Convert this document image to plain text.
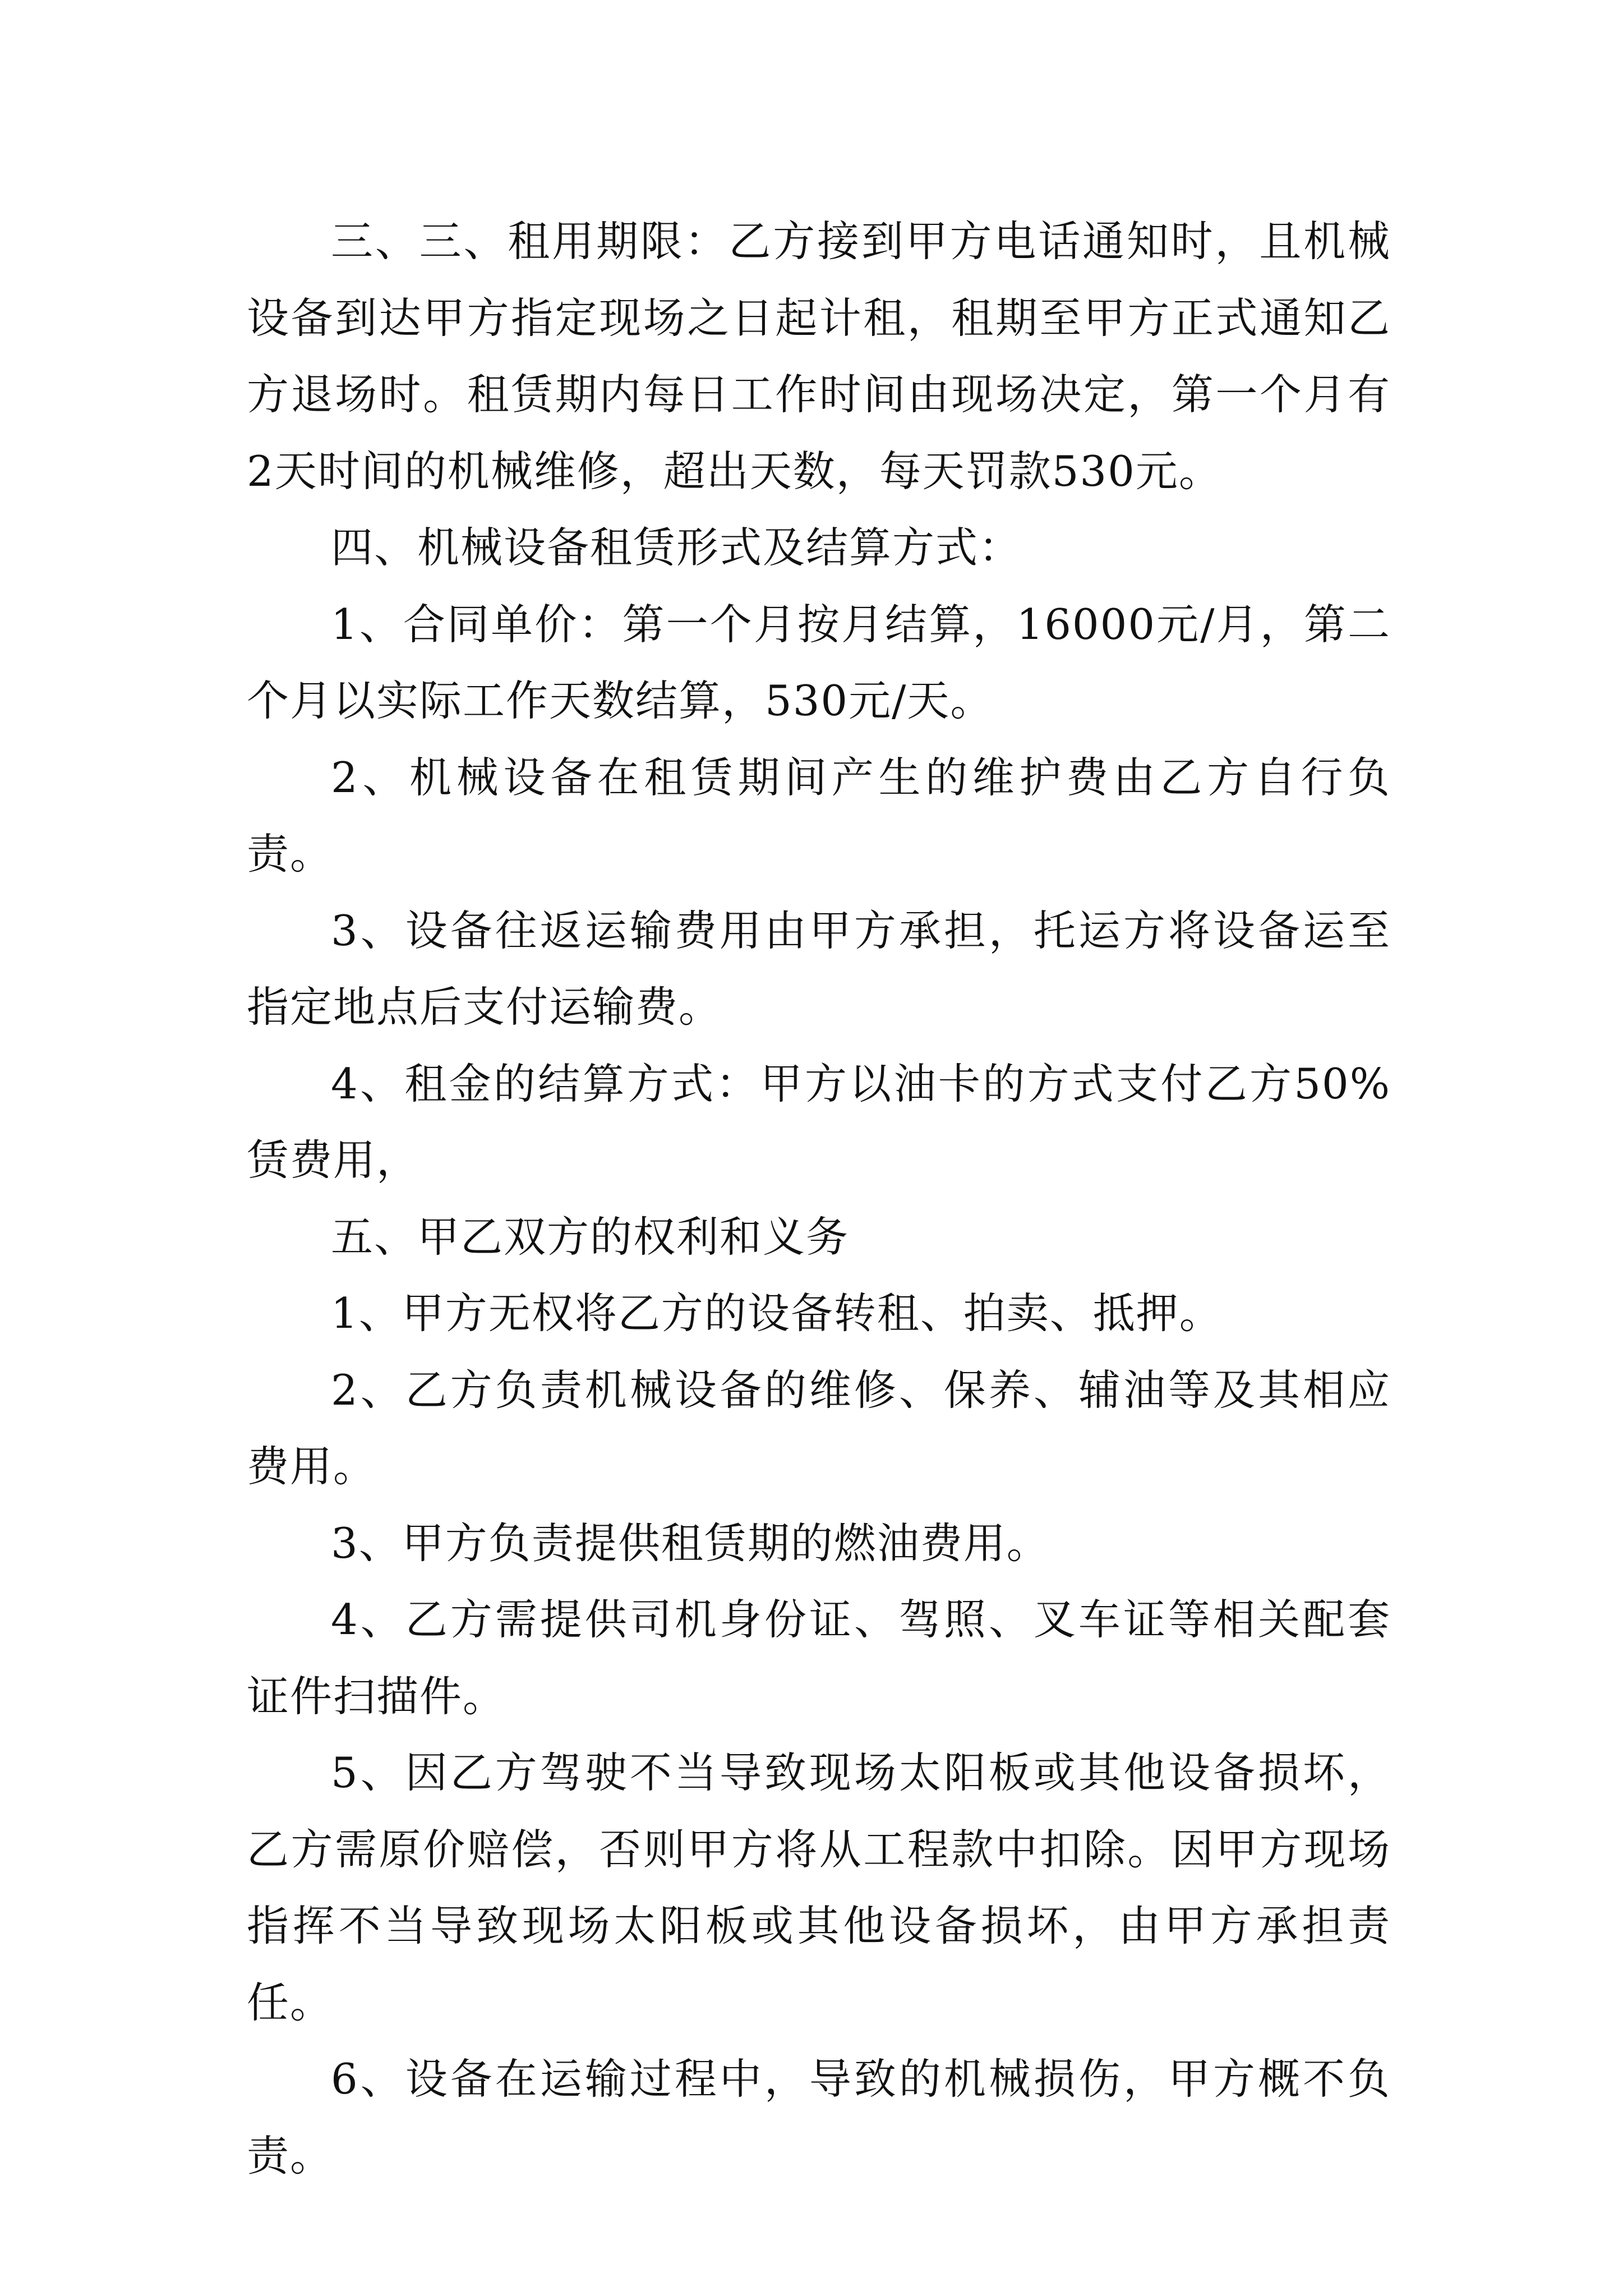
三、三、租用期限：乙方接到甲方电话通知时，且机械设备到达甲方指定现场之日起计租，租期至甲方正式通知乙方退场时。租赁期内每日工作时间由现场决定，第一个月有2天时间的机械维修，超出天数，每天罚款530元。

四、机械设备租赁形式及结算方式：

1、合同单价：第一个月按月结算，16000元/月，第二个月以实际工作天数结算，530元/天。

2、机械设备在租赁期间产生的维护费由乙方自行负责。

3、设备往返运输费用由甲方承担，托运方将设备运至指定地点后支付运输费。

4、租金的结算方式：甲方以油卡的方式支付乙方50%赁费用，

五、甲乙双方的权利和义务

1、甲方无权将乙方的设备转租、拍卖、抵押。

2、乙方负责机械设备的维修、保养、辅油等及其相应费用。

3、甲方负责提供租赁期的燃油费用。

4、乙方需提供司机身份证、驾照、叉车证等相关配套证件扫描件。

5、因乙方驾驶不当导致现场太阳板或其他设备损坏，乙方需原价赔偿，否则甲方将从工程款中扣除。因甲方现场指挥不当导致现场太阳板或其他设备损坏，由甲方承担责任。

6、设备在运输过程中，导致的机械损伤，甲方概不负责。
